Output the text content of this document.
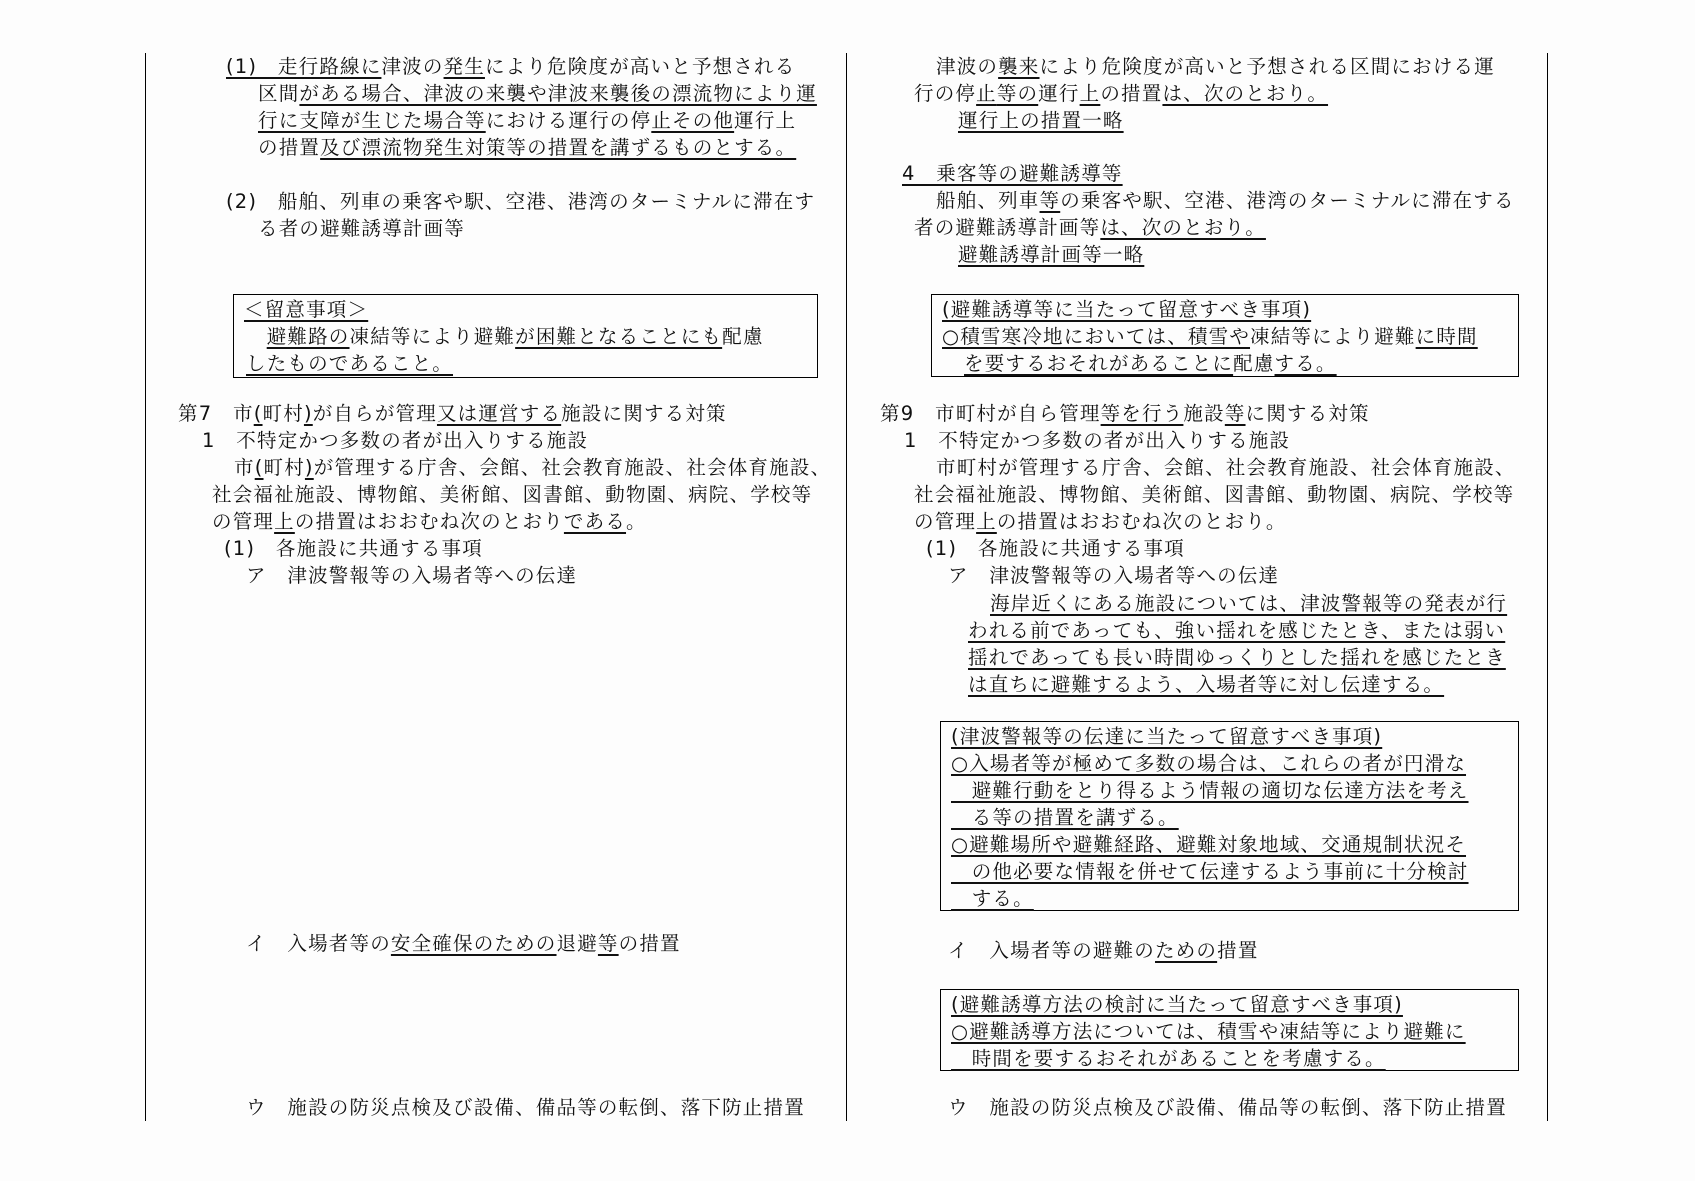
(1)　走行路線に津波の発生により危険度が高いと予想される
区間がある場合、津波の来襲や津波来襲後の漂流物により運
行に支障が生じた場合等における運行の停止その他運行上
の措置及び漂流物発生対策等の措置を講ずるものとする。
(2)　船舶、列車の乗客や駅、空港、港湾のターミナルに滞在す
る者の避難誘導計画等
＜留意事項＞
　避難路の凍結等により避難が困難となることにも配慮
したものであること。
第7　市(町村)が自らが管理又は運営する施設に関する対策
1　不特定かつ多数の者が出入りする施設
市(町村)が管理する庁舎、会館、社会教育施設、社会体育施設、
社会福祉施設、博物館、美術館、図書館、動物園、病院、学校等
の管理上の措置はおおむね次のとおりである。
(1)　各施設に共通する事項
ア　津波警報等の入場者等への伝達
イ　入場者等の安全確保のための退避等の措置
ウ　施設の防災点検及び設備、備品等の転倒、落下防止措置
津波の襲来により危険度が高いと予想される区間における運
行の停止等の運行上の措置は、次のとおり。
運行上の措置一略
4　乗客等の避難誘導等
船舶、列車等の乗客や駅、空港、港湾のターミナルに滞在する
者の避難誘導計画等は、次のとおり。
避難誘導計画等一略
(避難誘導等に当たって留意すべき事項)
○積雪寒冷地においては、積雪や凍結等により避難に時間
を要するおそれがあることに配慮する。
第9　市町村が自ら管理等を行う施設等に関する対策
1　不特定かつ多数の者が出入りする施設
市町村が管理する庁舎、会館、社会教育施設、社会体育施設、
社会福祉施設、博物館、美術館、図書館、動物園、病院、学校等
の管理上の措置はおおむね次のとおり。
(1)　各施設に共通する事項
ア　津波警報等の入場者等への伝達
海岸近くにある施設については、津波警報等の発表が行
われる前であっても、強い揺れを感じたとき、または弱い
揺れであっても長い時間ゆっくりとした揺れを感じたとき
は直ちに避難するよう、入場者等に対し伝達する。
(津波警報等の伝達に当たって留意すべき事項)
○入場者等が極めて多数の場合は、これらの者が円滑な
　避難行動をとり得るよう情報の適切な伝達方法を考え
　る等の措置を講ずる。
○避難場所や避難経路、避難対象地域、交通規制状況そ
　の他必要な情報を併せて伝達するよう事前に十分検討
　する。
イ　入場者等の避難のための措置
(避難誘導方法の検討に当たって留意すべき事項)
○避難誘導方法については、積雪や凍結等により避難に
　時間を要するおそれがあることを考慮する。
ウ　施設の防災点検及び設備、備品等の転倒、落下防止措置
